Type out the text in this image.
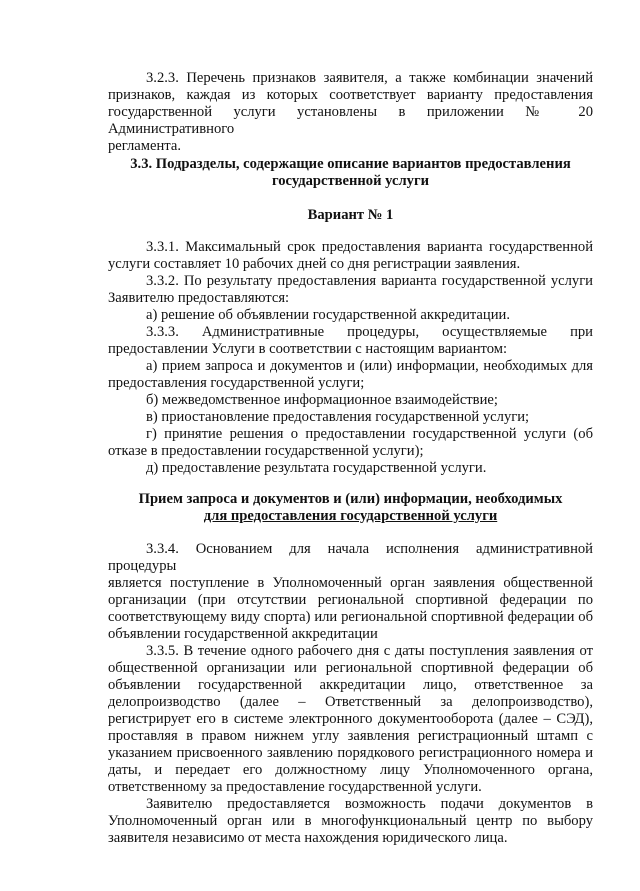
3.2.3. Перечень признаков заявителя, а также комбинации значений
признаков, каждая из которых соответствует варианту предоставления
государственной услуги установлены в приложении № 20 Административного
регламента.
3.3. Подразделы, содержащие описание вариантов предоставления
государственной услуги
Вариант № 1
3.3.1. Максимальный срок предоставления варианта государственной
услуги составляет 10 рабочих дней со дня регистрации заявления.
3.3.2. По результату предоставления варианта государственной услуги
Заявителю предоставляются:
а) решение об объявлении государственной аккредитации.
3.3.3. Административные процедуры, осуществляемые при
предоставлении Услуги в соответствии с настоящим вариантом:
а) прием запроса и документов и (или) информации, необходимых для
предоставления государственной услуги;
б) межведомственное информационное взаимодействие;
в) приостановление предоставления государственной услуги;
г) принятие решения о предоставлении государственной услуги (об
отказе в предоставлении государственной услуги);
д) предоставление результата государственной услуги.
Прием запроса и документов и (или) информации, необходимых
для предоставления государственной услуги
3.3.4. Основанием для начала исполнения административной процедуры
является поступление в Уполномоченный орган заявления общественной
организации (при отсутствии региональной спортивной федерации по
соответствующему виду спорта) или региональной спортивной федерации об
объявлении государственной аккредитации
3.3.5. В течение одного рабочего дня с даты поступления заявления от
общественной организации или региональной спортивной федерации об
объявлении государственной аккредитации лицо, ответственное за
делопроизводство (далее – Ответственный за делопроизводство),
регистрирует его в системе электронного документооборота (далее – СЭД),
проставляя в правом нижнем углу заявления регистрационный штамп с
указанием присвоенного заявлению порядкового регистрационного номера и
даты, и передает его должностному лицу Уполномоченного органа,
ответственному за предоставление государственной услуги.
Заявителю предоставляется возможность подачи документов в
Уполномоченный орган или в многофункциональный центр по выбору
заявителя независимо от места нахождения юридического лица.
